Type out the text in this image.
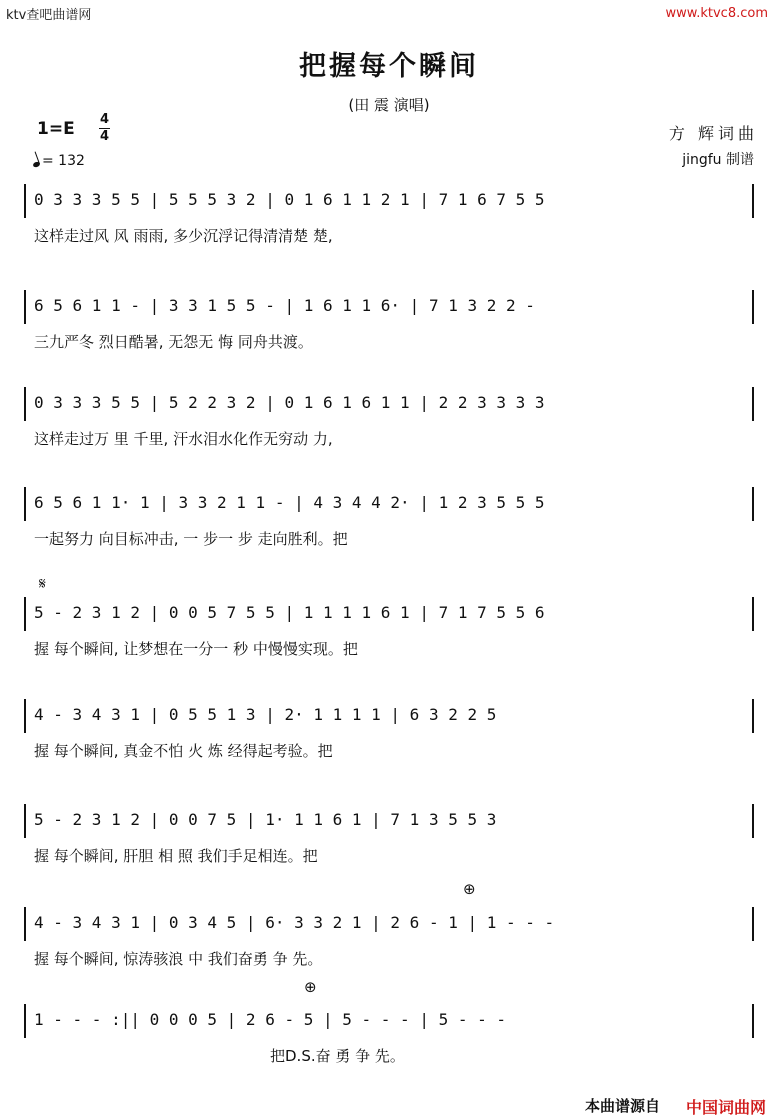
ktv查吧曲谱网	www.ktvc8.com
把握每个瞬间
(田 震 演唱)
1=E 4
4
= 132
方 辉词曲
jingfu 制谱
𝄋
⊕
⊕
0 3 3 3 5 5 | 5 5 5 3 2 | 0 1 6 1 1 2 1 | 7 1 6 7 5 5
这样走过风 风 雨雨, 多少沉浮记得清清楚 楚,
6 5 6 1 1 - | 3 3 1 5 5 - | 1 6 1 1 6· | 7 1 3 2 2 -
三九严冬 烈日酷暑, 无怨无 悔 同舟共渡。
0 3 3 3 5 5 | 5 2 2 3 2 | 0 1 6 1 6 1 1 | 2 2 3 3 3 3
这样走过万 里 千里, 汗水泪水化作无穷动 力,
6 5 6 1 1· 1 | 3 3 2 1 1 - | 4 3 4 4 2· | 1 2 3 5 5 5
一起努力 向目标冲击, 一 步一 步 走向胜利。把
5 - 2 3 1 2 | 0 0 5 7 5 5 | 1 1 1 1 6 1 | 7 1 7 5 5 6
握 每个瞬间, 让梦想在一分一 秒 中慢慢实现。把
4 - 3 4 3 1 | 0 5 5 1 3 | 2· 1 1 1 1 | 6 3 2 2 5
握 每个瞬间, 真金不怕 火 炼 经得起考验。把
5 - 2 3 1 2 | 0 0 7 5 | 1· 1 1 6 1 | 7 1 3 5 5 3
握 每个瞬间, 肝胆 相 照 我们手足相连。把
4 - 3 4 3 1 | 0 3 4 5 | 6· 3 3 2 1 | 2 6 - 1 | 1 - - -
握 每个瞬间, 惊涛骇浪 中 我们奋勇 争 先。
1 - - - :|| 0 0 0 5 | 2 6 - 5 | 5 - - - | 5 - - -
把D.S.奋 勇 争 先。
本曲谱源自 中国词曲网
